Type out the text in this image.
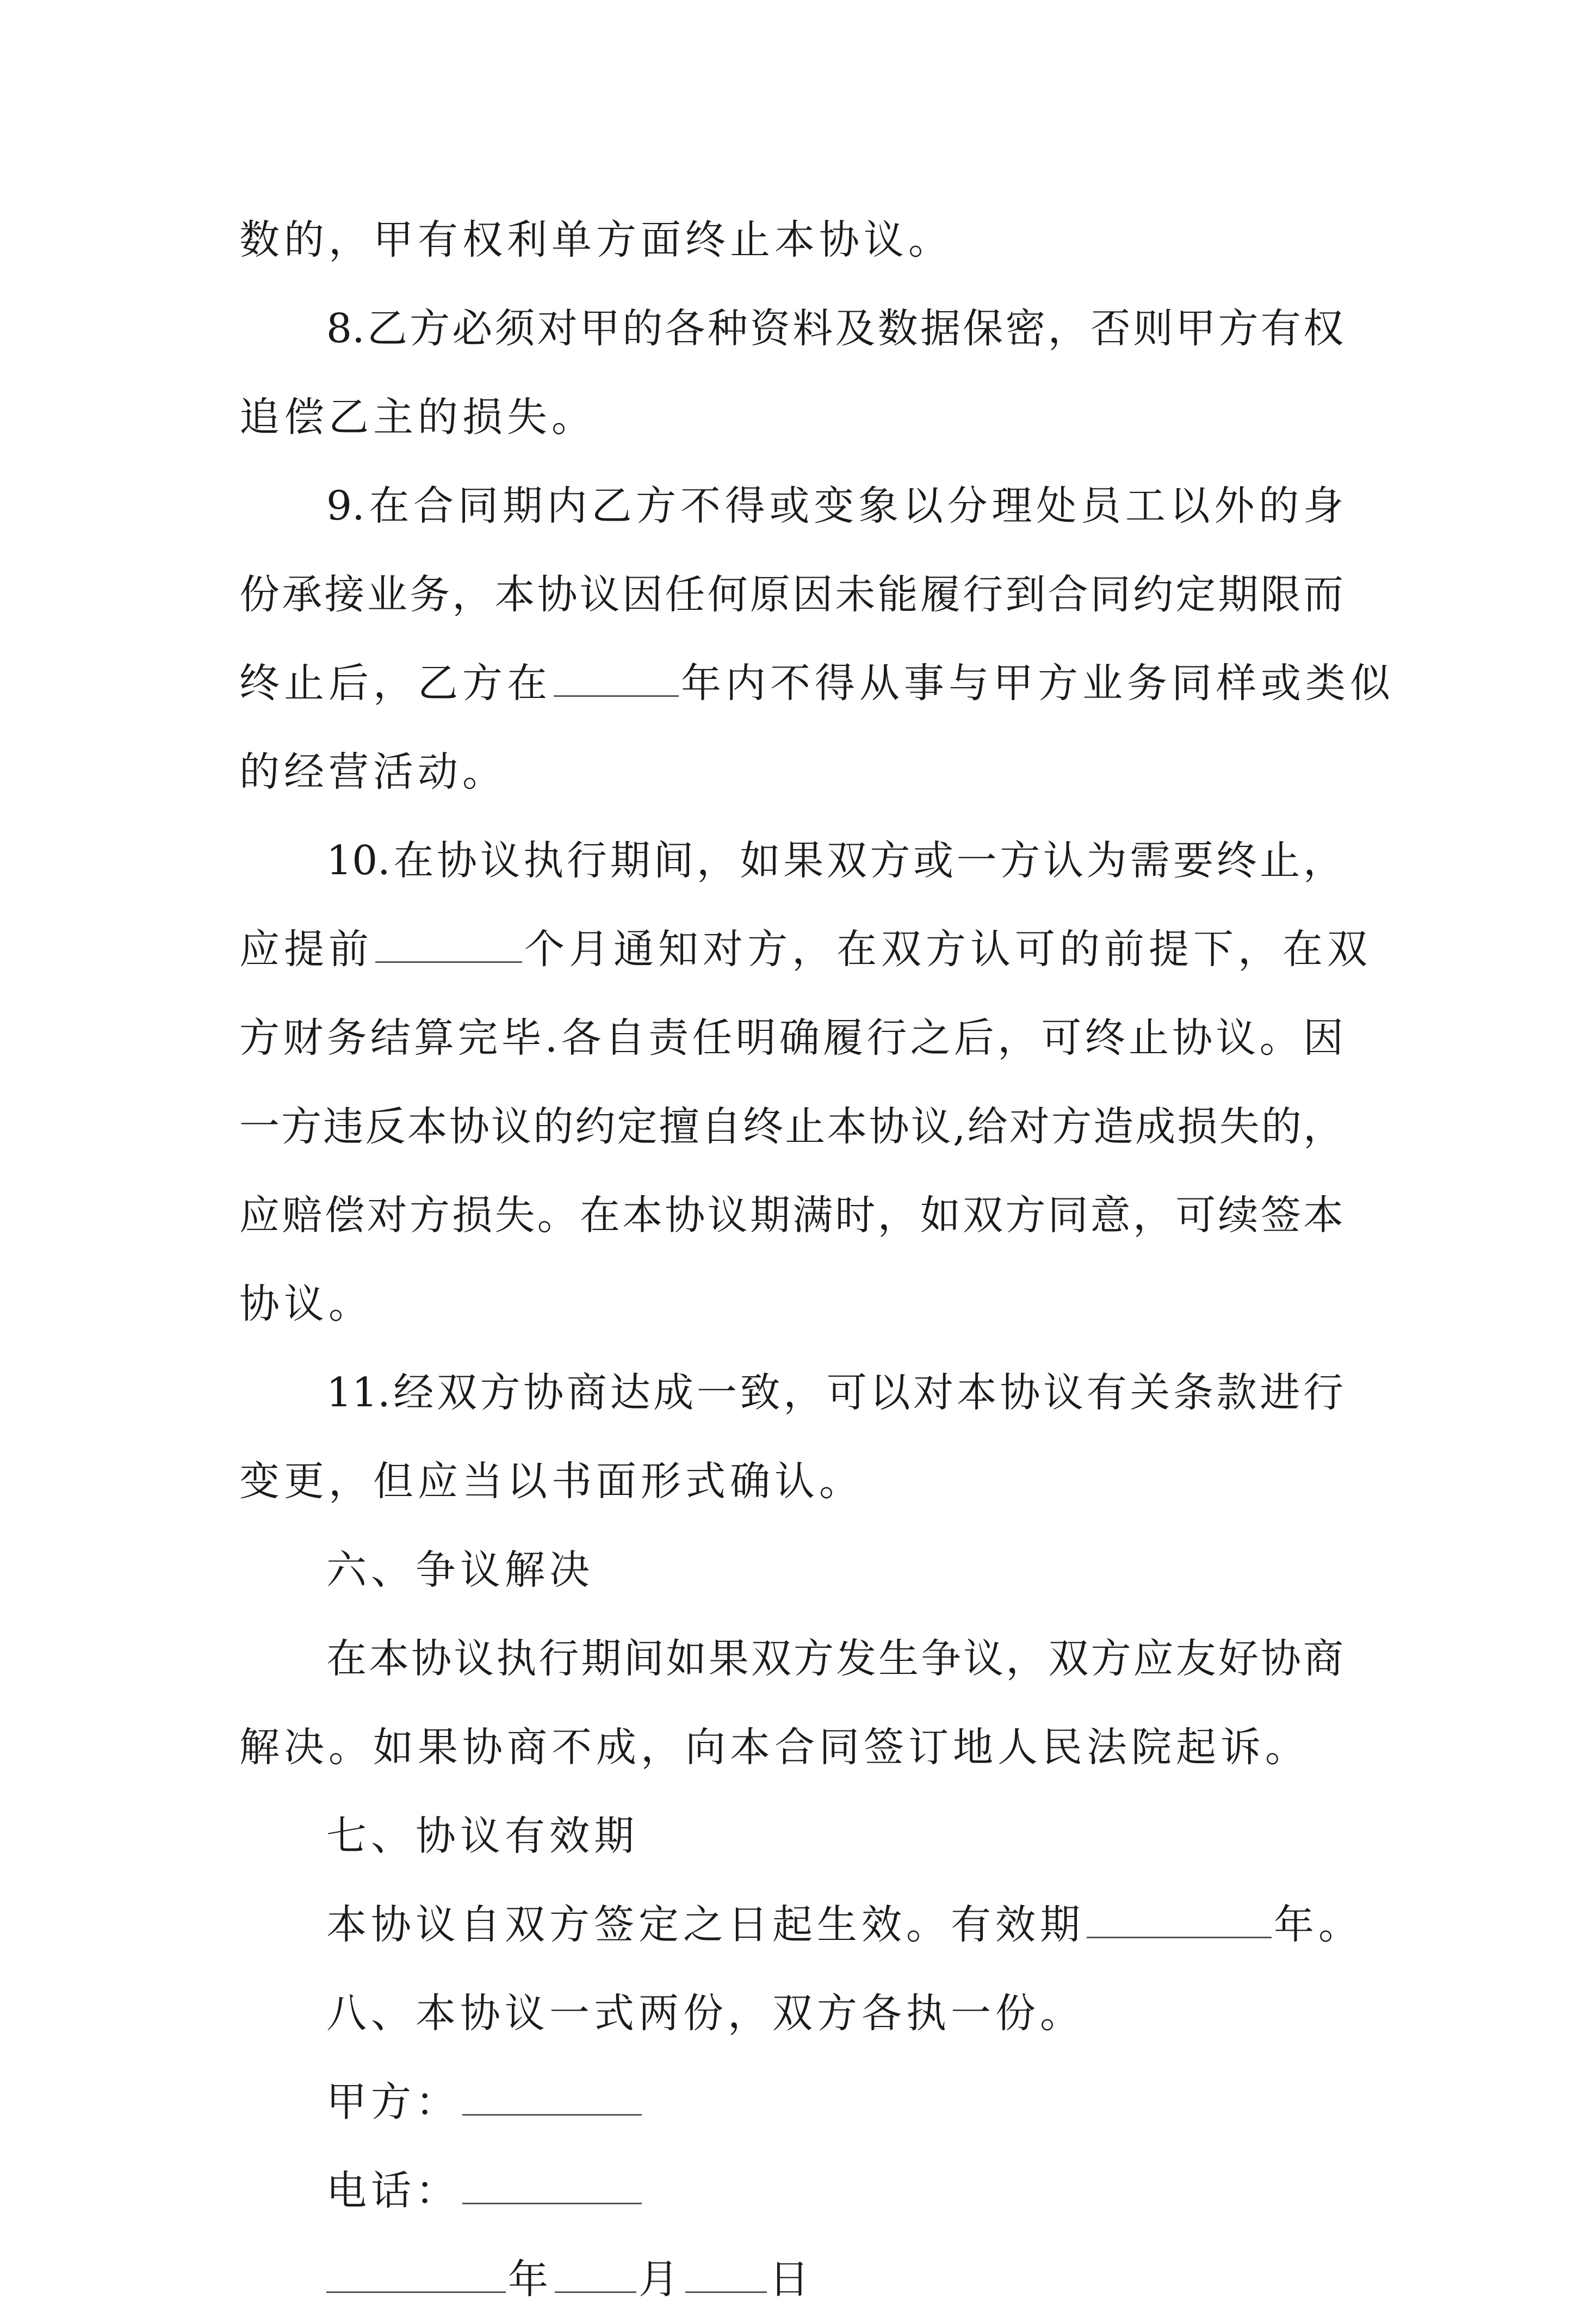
数的，甲有权利单方面终止本协议。

8.乙方必须对甲的各种资料及数据保密，否则甲方有权

追偿乙主的损失。

9.在合同期内乙方不得或变象以分理处员工以外的身

份承接业务，本协议因任何原因未能履行到合同约定期限而

终止后，乙方在	年内不得从事与甲方业务同样或类似

的经营活动。

10.在协议执行期间，如果双方或一方认为需要终止，

应提前	个月通知对方，在双方认可的前提下，在双

方财务结算完毕.各自责任明确履行之后，可终止协议。因

一方违反本协议的约定擅自终止本协议,给对方造成损失的，

应赔偿对方损失。在本协议期满时，如双方同意，可续签本

协议。

11.经双方协商达成一致，可以对本协议有关条款进行

变更，但应当以书面形式确认。

六、争议解决

在本协议执行期间如果双方发生争议，双方应友好协商

解决。如果协商不成，向本合同签订地人民法院起诉。

七、协议有效期

本协议自双方签定之日起生效。有效期	年。

八、本协议一式两份，双方各执一份。

甲方：

电话：

年 月 日
